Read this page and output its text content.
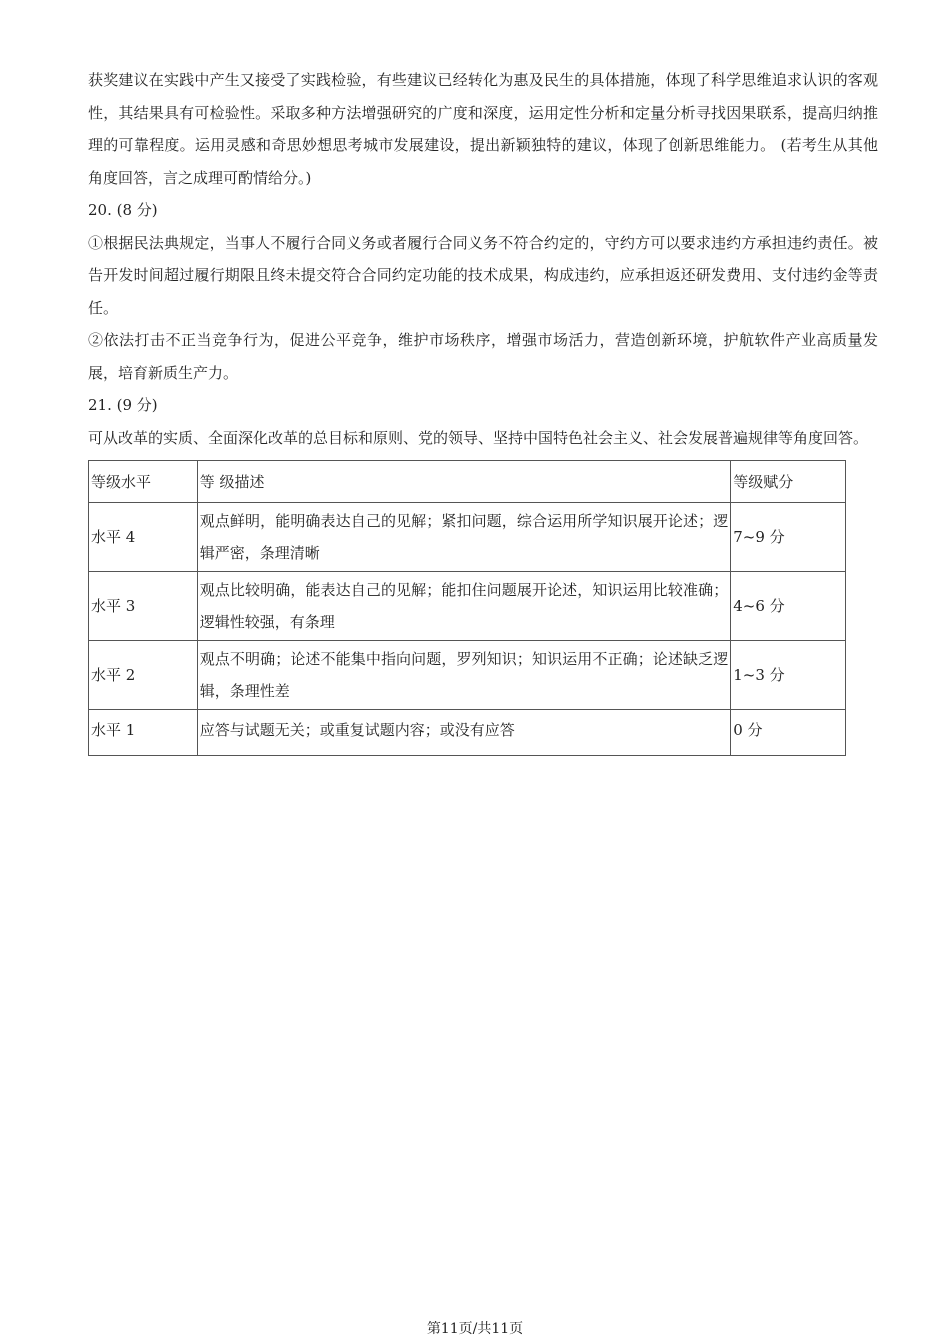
获奖建议在实践中产生又接受了实践检验，有些建议已经转化为惠及民生的具体措施，体现了科学思维追求认识的客观性，其结果具有可检验性。采取多种方法增强研究的广度和深度，运用定性分析和定量分析寻找因果联系，提高归纳推理的可靠程度。运用灵感和奇思妙想思考城市发展建设，提出新颖独特的建议，体现了创新思维能力。 (若考生从其他角度回答，言之成理可酌情给分。)

20. (8 分)

①根据民法典规定，当事人不履行合同义务或者履行合同义务不符合约定的，守约方可以要求违约方承担违约责任。被告开发时间超过履行期限且终未提交符合合同约定功能的技术成果，构成违约，应承担返还研发费用、支付违约金等责任。

②依法打击不正当竞争行为，促进公平竞争，维护市场秩序，增强市场活力，营造创新环境，护航软件产业高质量发展，培育新质生产力。

21. (9 分)

可从改革的实质、全面深化改革的总目标和原则、党的领导、坚持中国特色社会主义、社会发展普遍规律等角度回答。

等级水平	等 级描述	等级赋分
水平 4	观点鲜明，能明确表达自己的见解；紧扣问题，综合运用所学知识展开论述；逻辑严密，条理清晰	7~9 分
水平 3	观点比较明确，能表达自己的见解；能扣住问题展开论述，知识运用比较准确；逻辑性较强，有条理	4~6 分
水平 2	观点不明确；论述不能集中指向问题，罗列知识；知识运用不正确；论述缺乏逻辑，条理性差	1~3 分
水平 1	应答与试题无关；或重复试题内容；或没有应答	0 分
第11页/共11页
